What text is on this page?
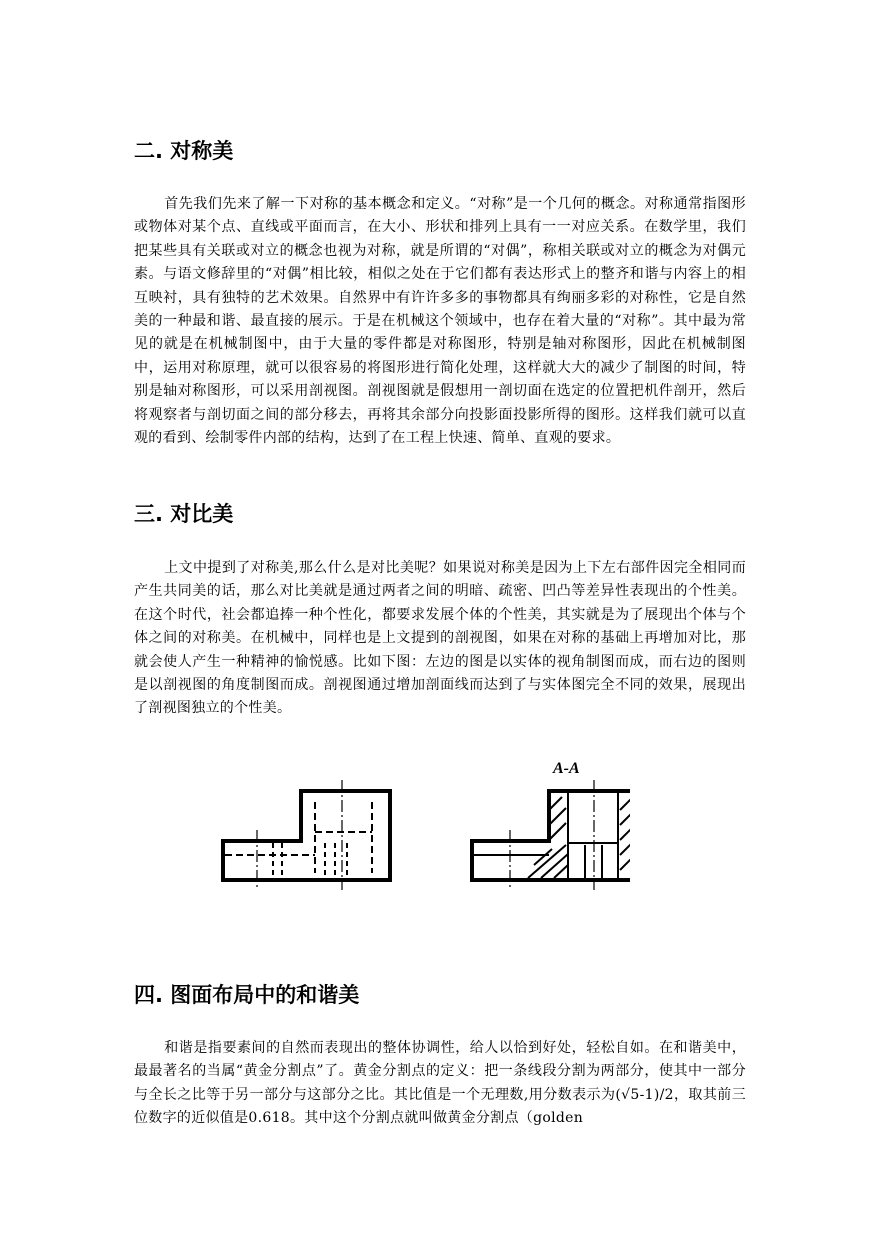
二. 对称美
首先我们先来了解一下对称的基本概念和定义。“对称”是一个几何的概念。对称通常指图形或物体对某个点、直线或平面而言，在大小、形状和排列上具有一一对应关系。在数学里，我们把某些具有关联或对立的概念也视为对称，就是所谓的“对偶”，称相关联或对立的概念为对偶元素。与语文修辞里的“对偶”相比较，相似之处在于它们都有表达形式上的整齐和谐与内容上的相互映衬，具有独特的艺术效果。自然界中有许许多多的事物都具有绚丽多彩的对称性，它是自然美的一种最和谐、最直接的展示。于是在机械这个领域中，也存在着大量的“对称”。其中最为常见的就是在机械制图中，由于大量的零件都是对称图形，特别是轴对称图形，因此在机械制图中，运用对称原理，就可以很容易的将图形进行简化处理，这样就大大的减少了制图的时间，特别是轴对称图形，可以采用剖视图。剖视图就是假想用一剖切面在选定的位置把机件剖开，然后将观察者与剖切面之间的部分移去，再将其余部分向投影面投影所得的图形。这样我们就可以直观的看到、绘制零件内部的结构，达到了在工程上快速、简单、直观的要求。
三. 对比美
上文中提到了对称美,那么什么是对比美呢？如果说对称美是因为上下左右部件因完全相同而产生共同美的话，那么对比美就是通过两者之间的明暗、疏密、凹凸等差异性表现出的个性美。在这个时代，社会都追捧一种个性化，都要求发展个体的个性美，其实就是为了展现出个体与个体之间的对称美。在机械中，同样也是上文提到的剖视图，如果在对称的基础上再增加对比，那就会使人产生一种精神的愉悦感。比如下图：左边的图是以实体的视角制图而成，而右边的图则是以剖视图的角度制图而成。剖视图通过增加剖面线而达到了与实体图完全不同的效果，展现出了剖视图独立的个性美。
A-A
四. 图面布局中的和谐美
和谐是指要素间的自然而表现出的整体协调性，给人以恰到好处，轻松自如。在和谐美中，最最著名的当属“黄金分割点”了。黄金分割点的定义：把一条线段分割为两部分，使其中一部分与全长之比等于另一部分与这部分之比。其比值是一个无理数,用分数表示为(√5-1)/2，取其前三位数字的近似值是0.618。其中这个分割点就叫做黄金分割点（golden
